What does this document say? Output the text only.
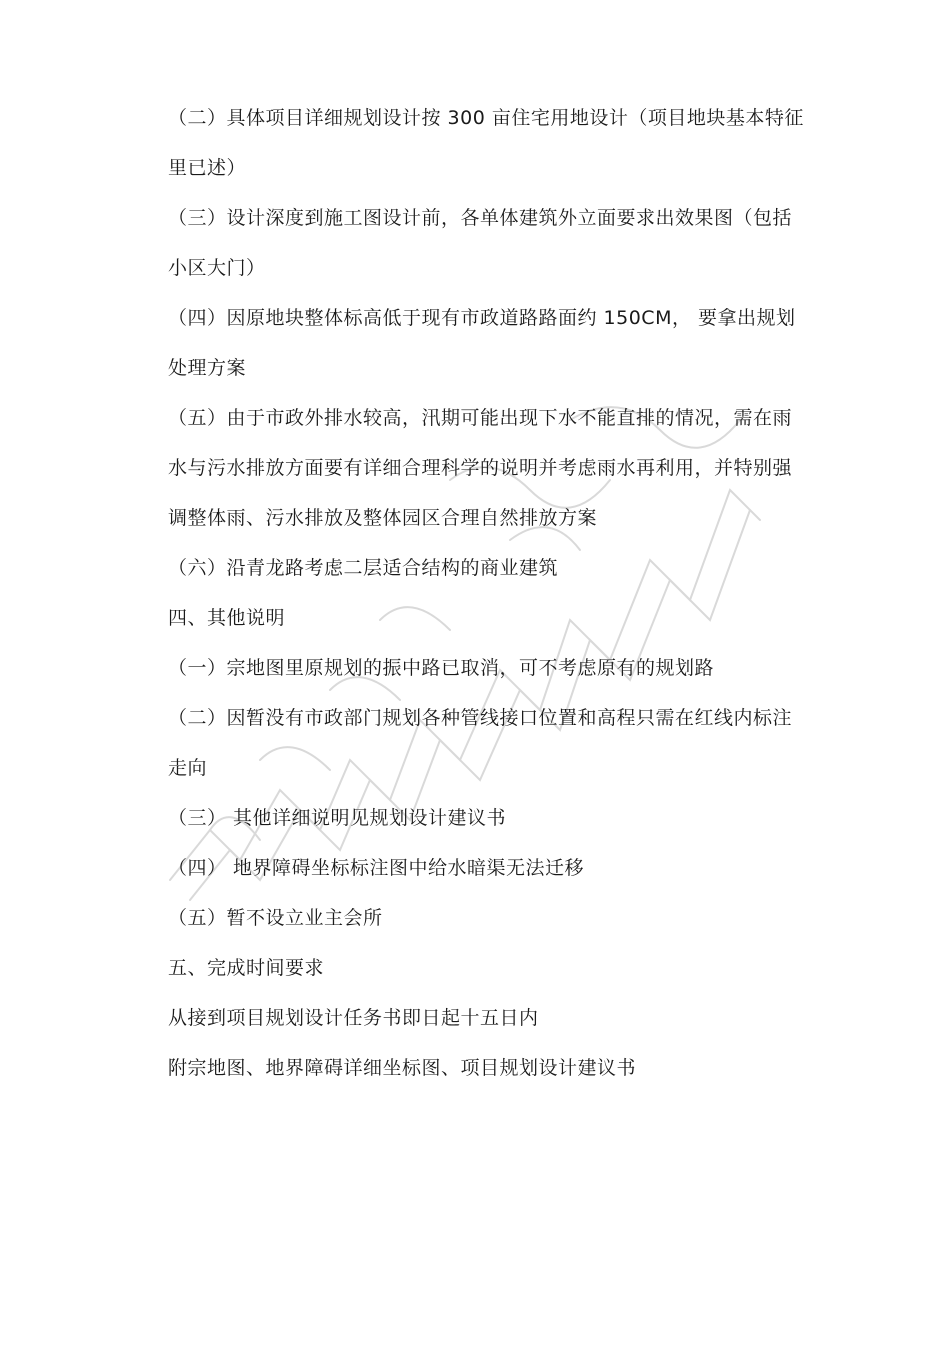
（二）具体项目详细规划设计按 300 亩住宅用地设计（项目地块基本特征
里已述）
（三）设计深度到施工图设计前，各单体建筑外立面要求出效果图（包括
小区大门）
（四）因原地块整体标高低于现有市政道路路面约 150CM， 要拿出规划
处理方案
（五）由于市政外排水较高，汛期可能出现下水不能直排的情况，需在雨
水与污水排放方面要有详细合理科学的说明并考虑雨水再利用，并特别强
调整体雨、污水排放及整体园区合理自然排放方案
（六）沿青龙路考虑二层适合结构的商业建筑
四、其他说明
（一）宗地图里原规划的振中路已取消，可不考虑原有的规划路
（二）因暂没有市政部门规划各种管线接口位置和高程只需在红线内标注
走向
（三） 其他详细说明见规划设计建议书
（四） 地界障碍坐标标注图中给水暗渠无法迁移
（五）暂不设立业主会所
五、完成时间要求
从接到项目规划设计任务书即日起十五日内
附宗地图、地界障碍详细坐标图、项目规划设计建议书
